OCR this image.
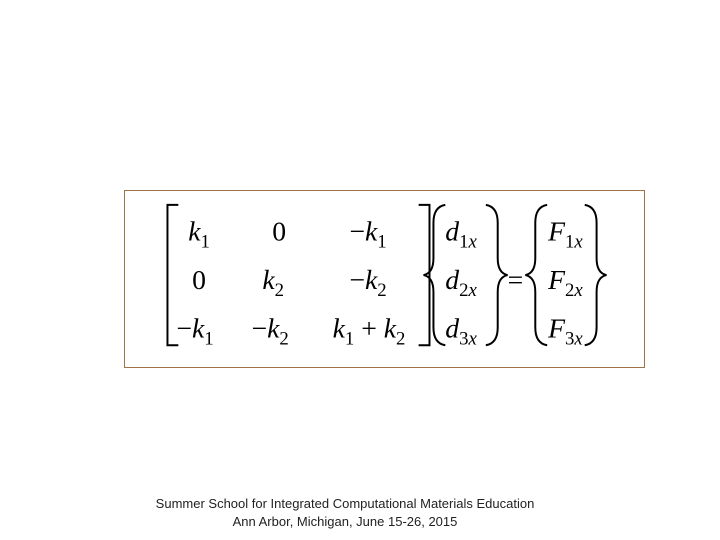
$k_1$ $0 -k_1$
0 $k_2 -k_2$
$-k_1 -k_2$ $k_1 + k_2$
$d_1x$
$d_2x$
$d_3x$
=
$F_1x$
$F_2x$
$F_3x$
Summer School for Integrated Computational Materials Education
Ann Arbor, Michigan, June 15-26, 2015
